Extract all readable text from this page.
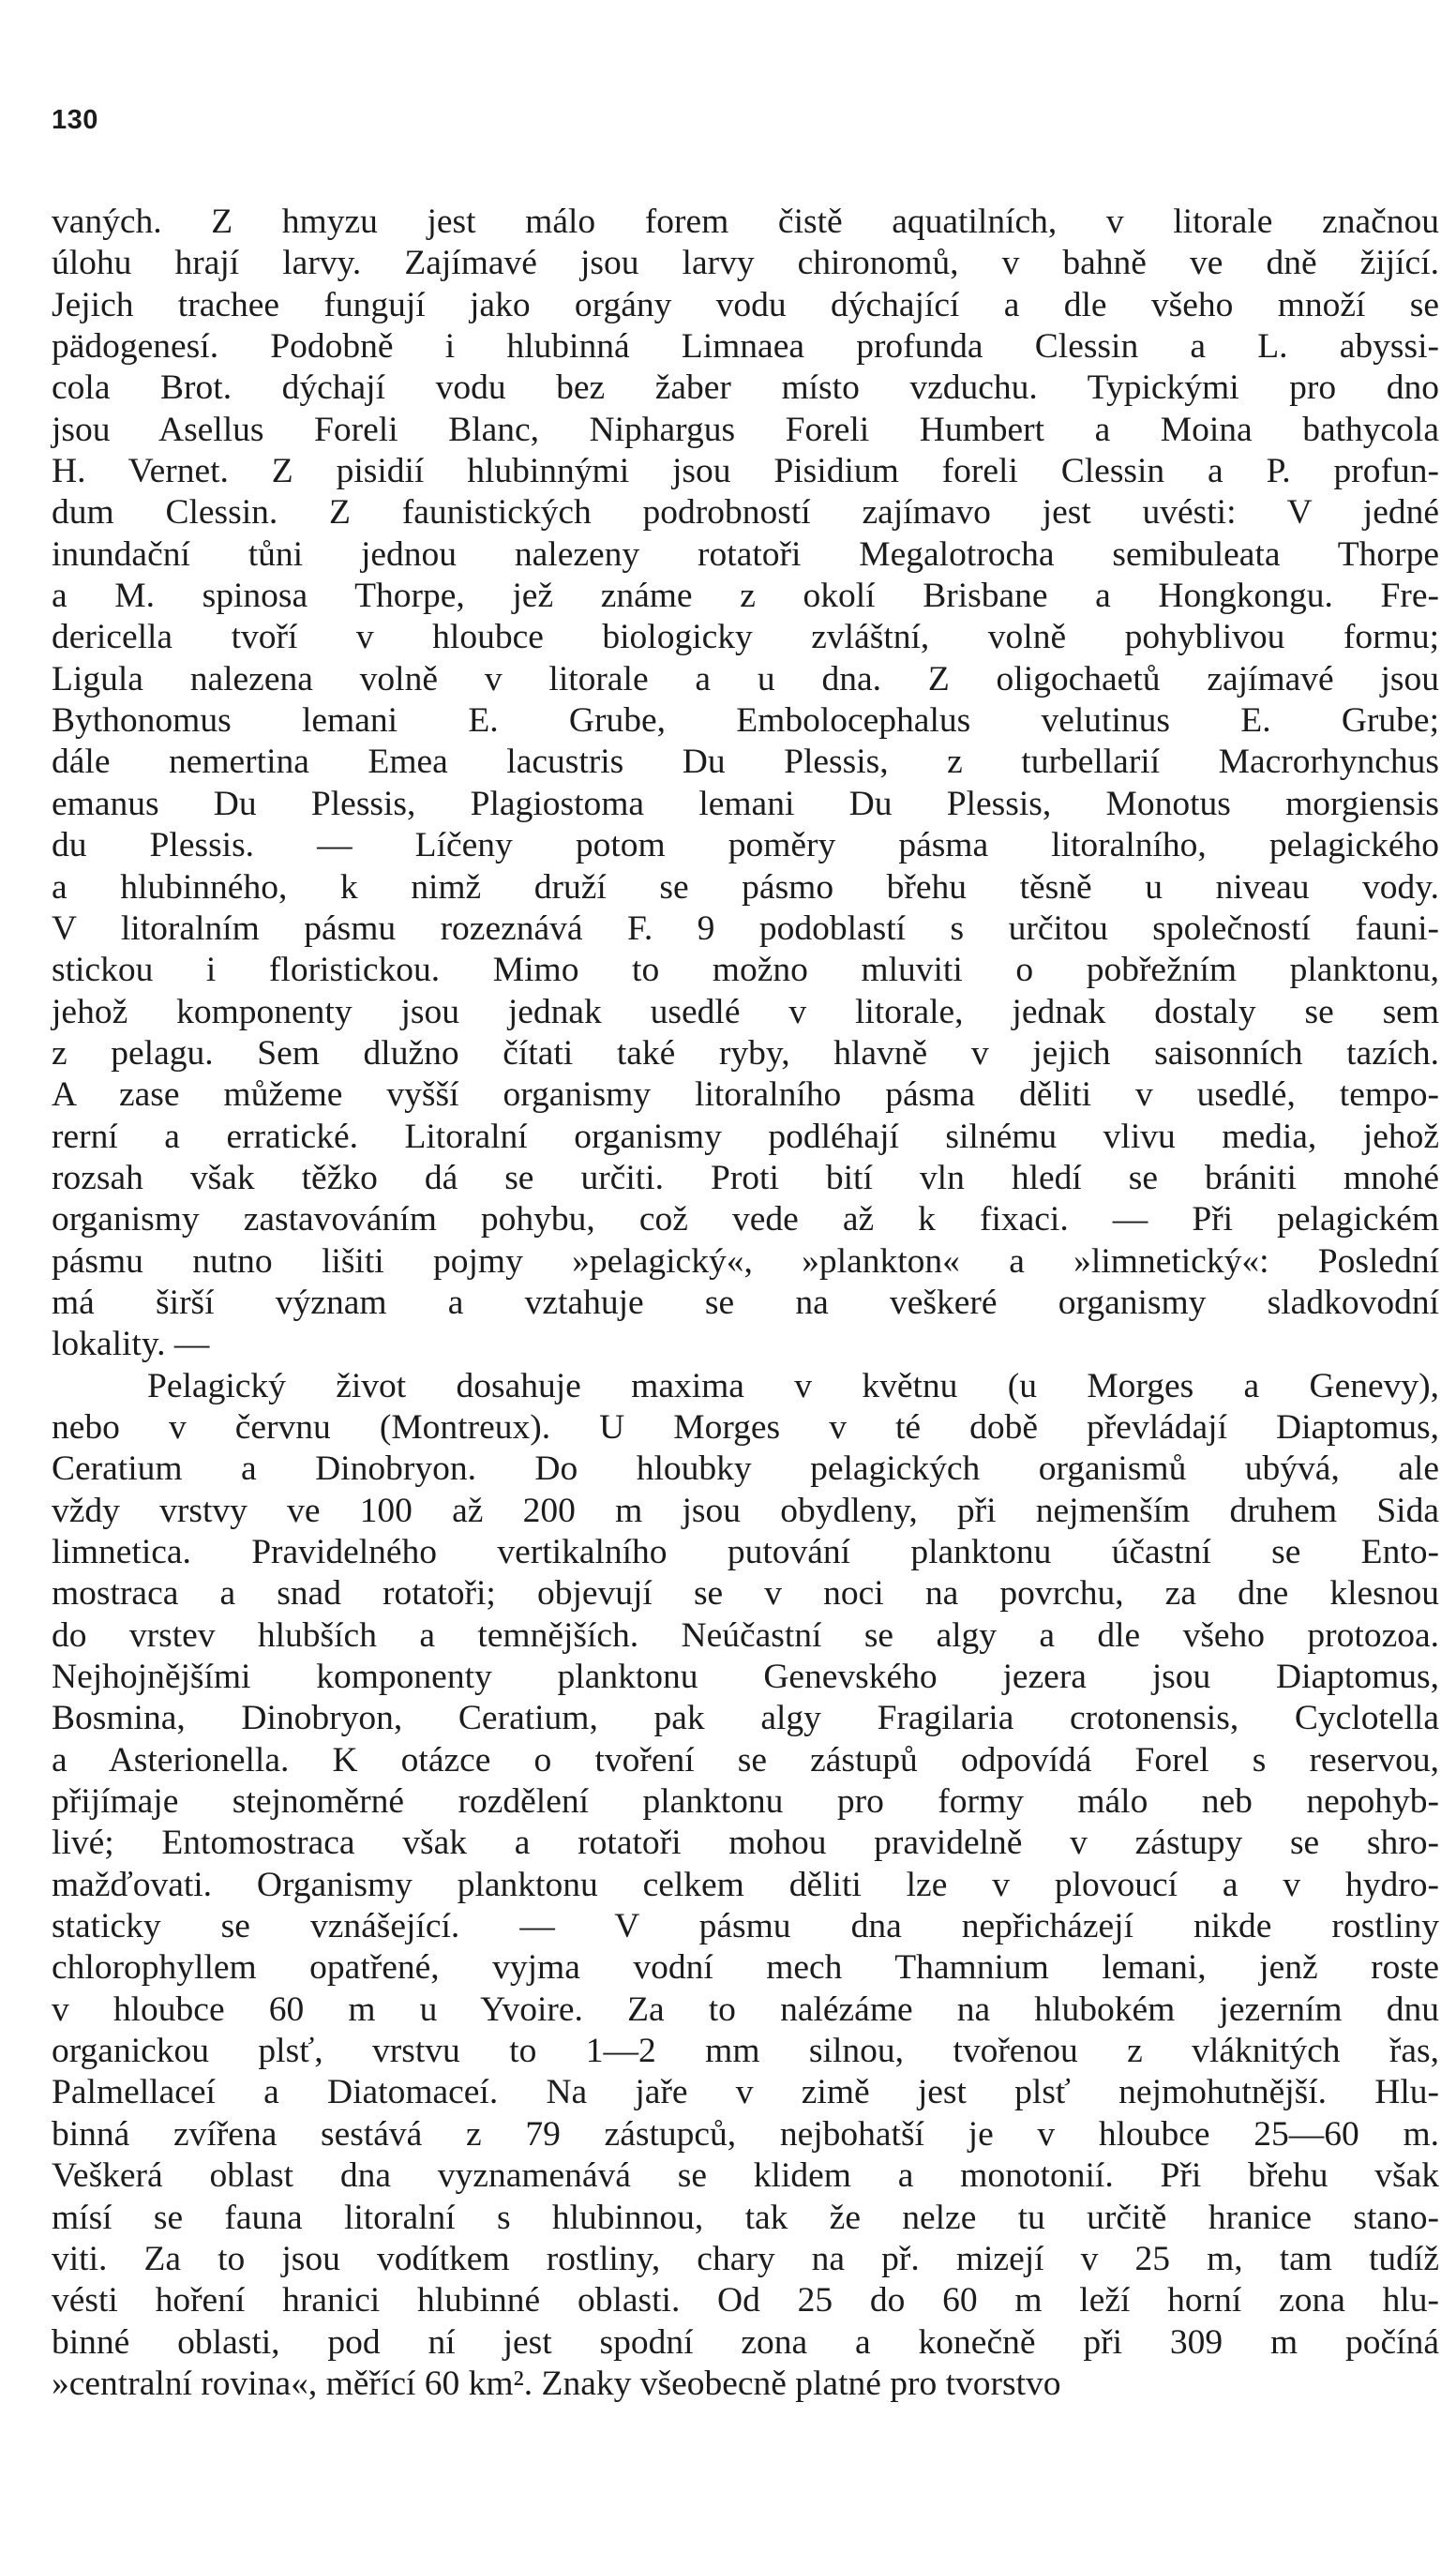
130
vaných. Z hmyzu jest málo forem čistě aquatilních, v litorale značnou
úlohu hrají larvy. Zajímavé jsou larvy chironomů, v bahně ve dně žijící.
Jejich trachee fungují jako orgány vodu dýchající a dle všeho množí se
pädogenesí. Podobně i hlubinná Limnaea profunda Clessin a L. abyssi-
cola Brot. dýchají vodu bez žaber místo vzduchu. Typickými pro dno
jsou Asellus Foreli Blanc, Niphargus Foreli Humbert a Moina bathycola
H. Vernet. Z pisidií hlubinnými jsou Pisidium foreli Clessin a P. profun-
dum Clessin. Z faunistických podrobností zajímavo jest uvésti: V jedné
inundační tůni jednou nalezeny rotatoři Megalotrocha semibuleata Thorpe
a M. spinosa Thorpe, jež známe z okolí Brisbane a Hongkongu. Fre-
dericella tvoří v hloubce biologicky zvláštní, volně pohyblivou formu;
Ligula nalezena volně v litorale a u dna. Z oligochaetů zajímavé jsou
Bythonomus lemani E. Grube, Embolocephalus velutinus E. Grube;
dále nemertina Emea lacustris Du Plessis, z turbellarií Macrorhynchus
emanus Du Plessis, Plagiostoma lemani Du Plessis, Monotus morgiensis
du Plessis. — Líčeny potom poměry pásma litoralního, pelagického
a hlubinného, k nimž druží se pásmo břehu těsně u niveau vody.
V litoralním pásmu rozeznává F. 9 podoblastí s určitou společností fauni-
stickou i floristickou. Mimo to možno mluviti o pobřežním planktonu,
jehož komponenty jsou jednak usedlé v litorale, jednak dostaly se sem
z pelagu. Sem dlužno čítati také ryby, hlavně v jejich saisonních tazích.
A zase můžeme vyšší organismy litoralního pásma děliti v usedlé, tempo-
rerní a erratické. Litoralní organismy podléhají silnému vlivu media, jehož
rozsah však těžko dá se určiti. Proti bití vln hledí se brániti mnohé
organismy zastavováním pohybu, což vede až k fixaci. — Při pelagickém
pásmu nutno lišiti pojmy »pelagický«, »plankton« a »limnetický«: Poslední
má širší význam a vztahuje se na veškeré organismy sladkovodní
lokality. —
Pelagický život dosahuje maxima v květnu (u Morges a Genevy),
nebo v červnu (Montreux). U Morges v té době převládají Diaptomus,
Ceratium a Dinobryon. Do hloubky pelagických organismů ubývá, ale
vždy vrstvy ve 100 až 200 m jsou obydleny, při nejmenším druhem Sida
limnetica. Pravidelného vertikalního putování planktonu účastní se Ento-
mostraca a snad rotatoři; objevují se v noci na povrchu, za dne klesnou
do vrstev hlubších a temnějších. Neúčastní se algy a dle všeho protozoa.
Nejhojnějšími komponenty planktonu Genevského jezera jsou Diaptomus,
Bosmina, Dinobryon, Ceratium, pak algy Fragilaria crotonensis, Cyclotella
a Asterionella. K otázce o tvoření se zástupů odpovídá Forel s reservou,
přijímaje stejnoměrné rozdělení planktonu pro formy málo neb nepohyb-
livé; Entomostraca však a rotatoři mohou pravidelně v zástupy se shro-
mažďovati. Organismy planktonu celkem děliti lze v plovoucí a v hydro-
staticky se vznášející. — V pásmu dna nepřicházejí nikde rostliny
chlorophyllem opatřené, vyjma vodní mech Thamnium lemani, jenž roste
v hloubce 60 m u Yvoire. Za to nalézáme na hlubokém jezerním dnu
organickou plsť, vrstvu to 1—2 mm silnou, tvořenou z vláknitých řas,
Palmellaceí a Diatomaceí. Na jaře v zimě jest plsť nejmohutnější. Hlu-
binná zvířena sestává z 79 zástupců, nejbohatší je v hloubce 25—60 m.
Veškerá oblast dna vyznamenává se klidem a monotonií. Při břehu však
mísí se fauna litoralní s hlubinnou, tak že nelze tu určitě hranice stano-
viti. Za to jsou vodítkem rostliny, chary na př. mizejí v 25 m, tam tudíž
vésti hoření hranici hlubinné oblasti. Od 25 do 60 m leží horní zona hlu-
binné oblasti, pod ní jest spodní zona a konečně při 309 m počíná
»centralní rovina«, měřící 60 km². Znaky všeobecně platné pro tvorstvo
